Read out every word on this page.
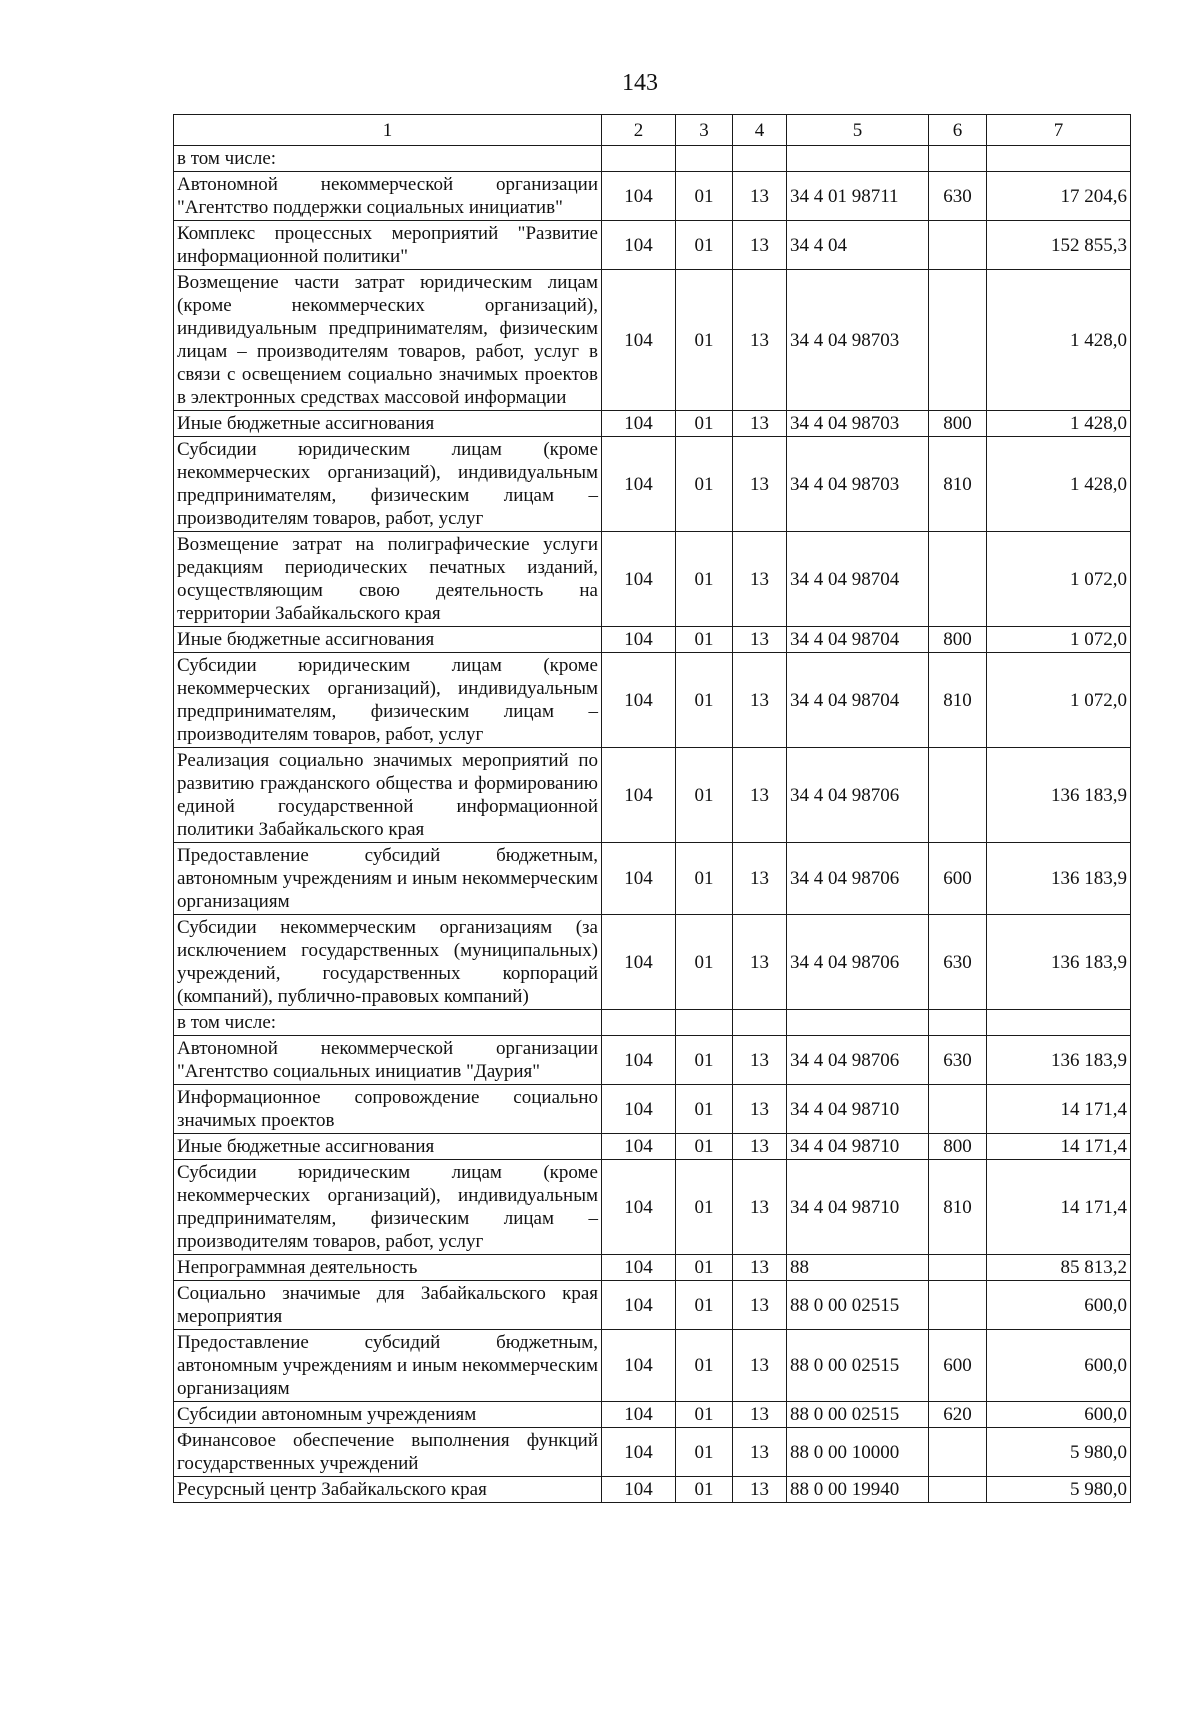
143
1	2	3	4	5	6	7
в том числе:						
Автономной некоммерческой организации "Агентство поддержки социальных инициатив"	104	01	13	34 4 01 98711	630	17 204,6
Комплекс процессных мероприятий "Развитие информационной политики"	104	01	13	34 4 04		152 855,3
Возмещение части затрат юридическим лицам (кроме некоммерческих организаций), индивидуальным предпринимателям, физическим лицам – производителям товаров, работ, услуг в связи с освещением социально значимых проектов в электронных средствах массовой информации	104	01	13	34 4 04 98703		1 428,0
Иные бюджетные ассигнования	104	01	13	34 4 04 98703	800	1 428,0
Субсидии юридическим лицам (кроме некоммерческих организаций), индивидуальным предпринимателям, физическим лицам – производителям товаров, работ, услуг	104	01	13	34 4 04 98703	810	1 428,0
Возмещение затрат на полиграфические услуги редакциям периодических печатных изданий, осуществляющим свою деятельность на территории Забайкальского края	104	01	13	34 4 04 98704		1 072,0
Иные бюджетные ассигнования	104	01	13	34 4 04 98704	800	1 072,0
Субсидии юридическим лицам (кроме некоммерческих организаций), индивидуальным предпринимателям, физическим лицам – производителям товаров, работ, услуг	104	01	13	34 4 04 98704	810	1 072,0
Реализация социально значимых мероприятий по развитию гражданского общества и формированию единой государственной информационной политики Забайкальского края	104	01	13	34 4 04 98706		136 183,9
Предоставление субсидий бюджетным, автономным учреждениям и иным некоммерческим организациям	104	01	13	34 4 04 98706	600	136 183,9
Субсидии некоммерческим организациям (за исключением государственных (муниципальных) учреждений, государственных корпораций (компаний), публично-правовых компаний)	104	01	13	34 4 04 98706	630	136 183,9
в том числе:						
Автономной некоммерческой организации "Агентство социальных инициатив "Даурия"	104	01	13	34 4 04 98706	630	136 183,9
Информационное сопровождение социально значимых проектов	104	01	13	34 4 04 98710		14 171,4
Иные бюджетные ассигнования	104	01	13	34 4 04 98710	800	14 171,4
Субсидии юридическим лицам (кроме некоммерческих организаций), индивидуальным предпринимателям, физическим лицам – производителям товаров, работ, услуг	104	01	13	34 4 04 98710	810	14 171,4
Непрограммная деятельность	104	01	13	88		85 813,2
Социально значимые для Забайкальского края мероприятия	104	01	13	88 0 00 02515		600,0
Предоставление субсидий бюджетным, автономным учреждениям и иным некоммерческим организациям	104	01	13	88 0 00 02515	600	600,0
Субсидии автономным учреждениям	104	01	13	88 0 00 02515	620	600,0
Финансовое обеспечение выполнения функций государственных учреждений	104	01	13	88 0 00 10000		5 980,0
Ресурсный центр Забайкальского края	104	01	13	88 0 00 19940		5 980,0
